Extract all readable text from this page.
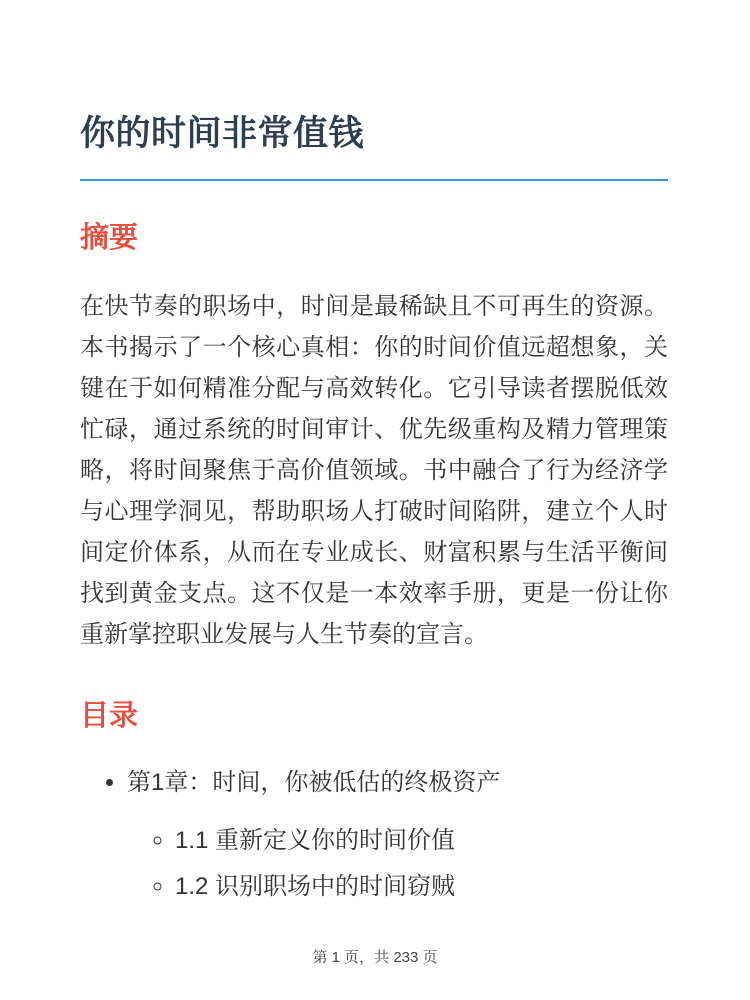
你的时间非常值钱
摘要

在快节奏的职场中，时间是最稀缺且不可再生的资源。本书揭示了一个核心真相：你的时间价值远超想象，关键在于如何精准分配与高效转化。它引导读者摆脱低效忙碌，通过系统的时间审计、优先级重构及精力管理策略，将时间聚焦于高价值领域。书中融合了行为经济学与心理学洞见，帮助职场人打破时间陷阱，建立个人时间定价体系，从而在专业成长、财富积累与生活平衡间找到黄金支点。这不仅是一本效率手册，更是一份让你重新掌控职业发展与人生节奏的宣言。

目录
• 第1章：时间，你被低估的终极资产
◦ 1.1 重新定义你的时间价值
◦ 1.2 识别职场中的时间窃贼
第 1 页，共 233 页
